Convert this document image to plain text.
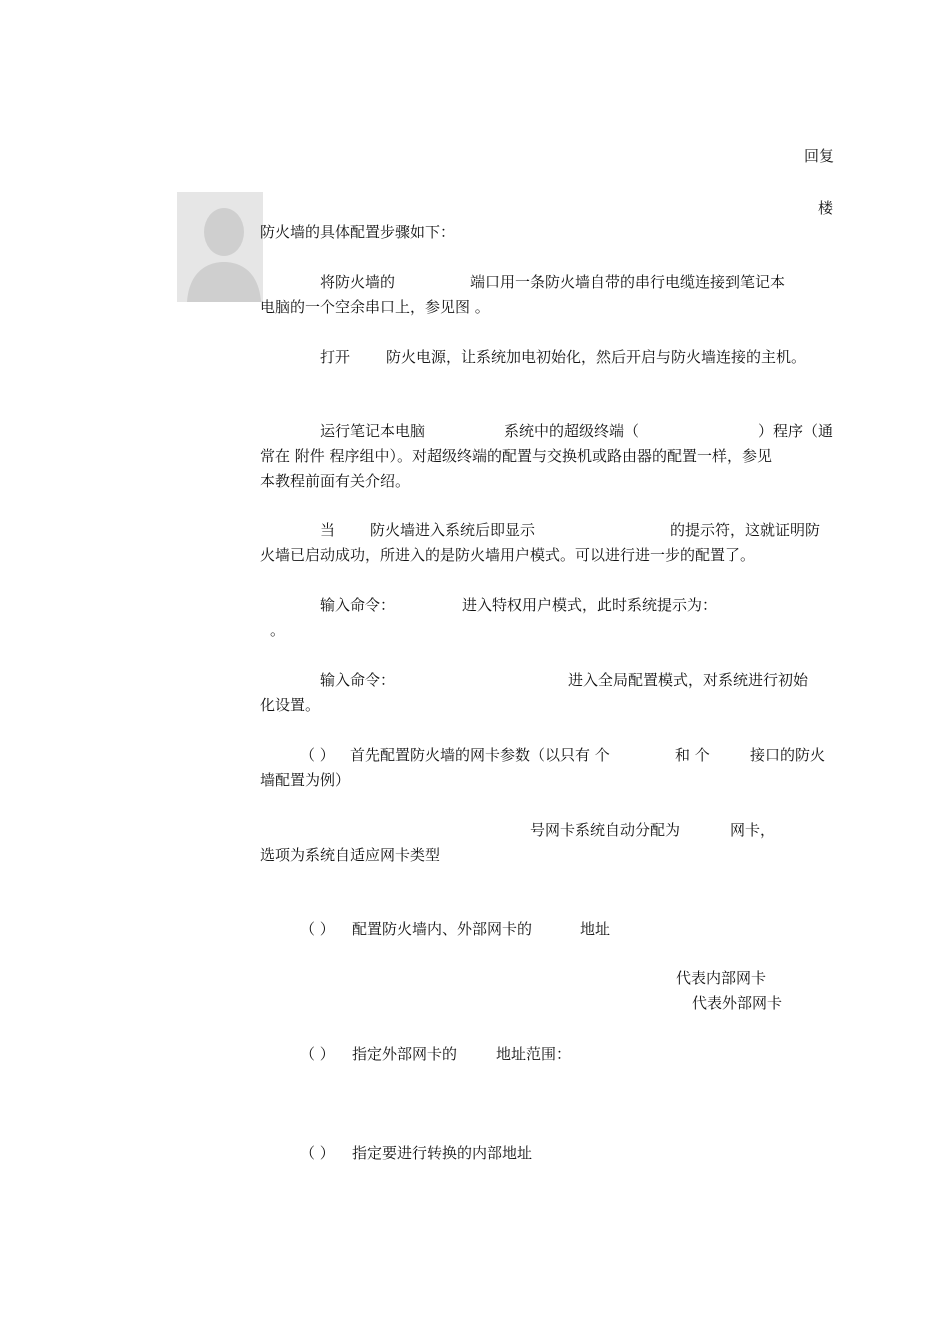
回复
楼
防火墙的具体配置步骤如下：
将防火墙的	端口用一条防火墙自带的串行电缆连接到笔记本
电脑的一个空余串口上，参见图 。
打开 防火电源，让系统加电初始化，然后开启与防火墙连接的主机。
运行笔记本电脑	系统中的超级终端（	）程序（通
常在 附件 程序组中）。对超级终端的配置与交换机或路由器的配置一样，参见
本教程前面有关介绍。
当 防火墙进入系统后即显示	的提示符，这就证明防
火墙已启动成功，所进入的是防火墙用户模式。可以进行进一步的配置了。
输入命令：	进入特权用户模式，此时系统提示为：
。
输入命令：	进入全局配置模式，对系统进行初始
化设置。
（ ） 首先配置防火墙的网卡参数（以只有 个	和 个	接口的防火
墙配置为例）
号网卡系统自动分配为	网卡，
选项为系统自适应网卡类型
（ ） 配置防火墙内、外部网卡的	地址
代表内部网卡
代表外部网卡
（ ） 指定外部网卡的	地址范围：
（ ） 指定要进行转换的内部地址
